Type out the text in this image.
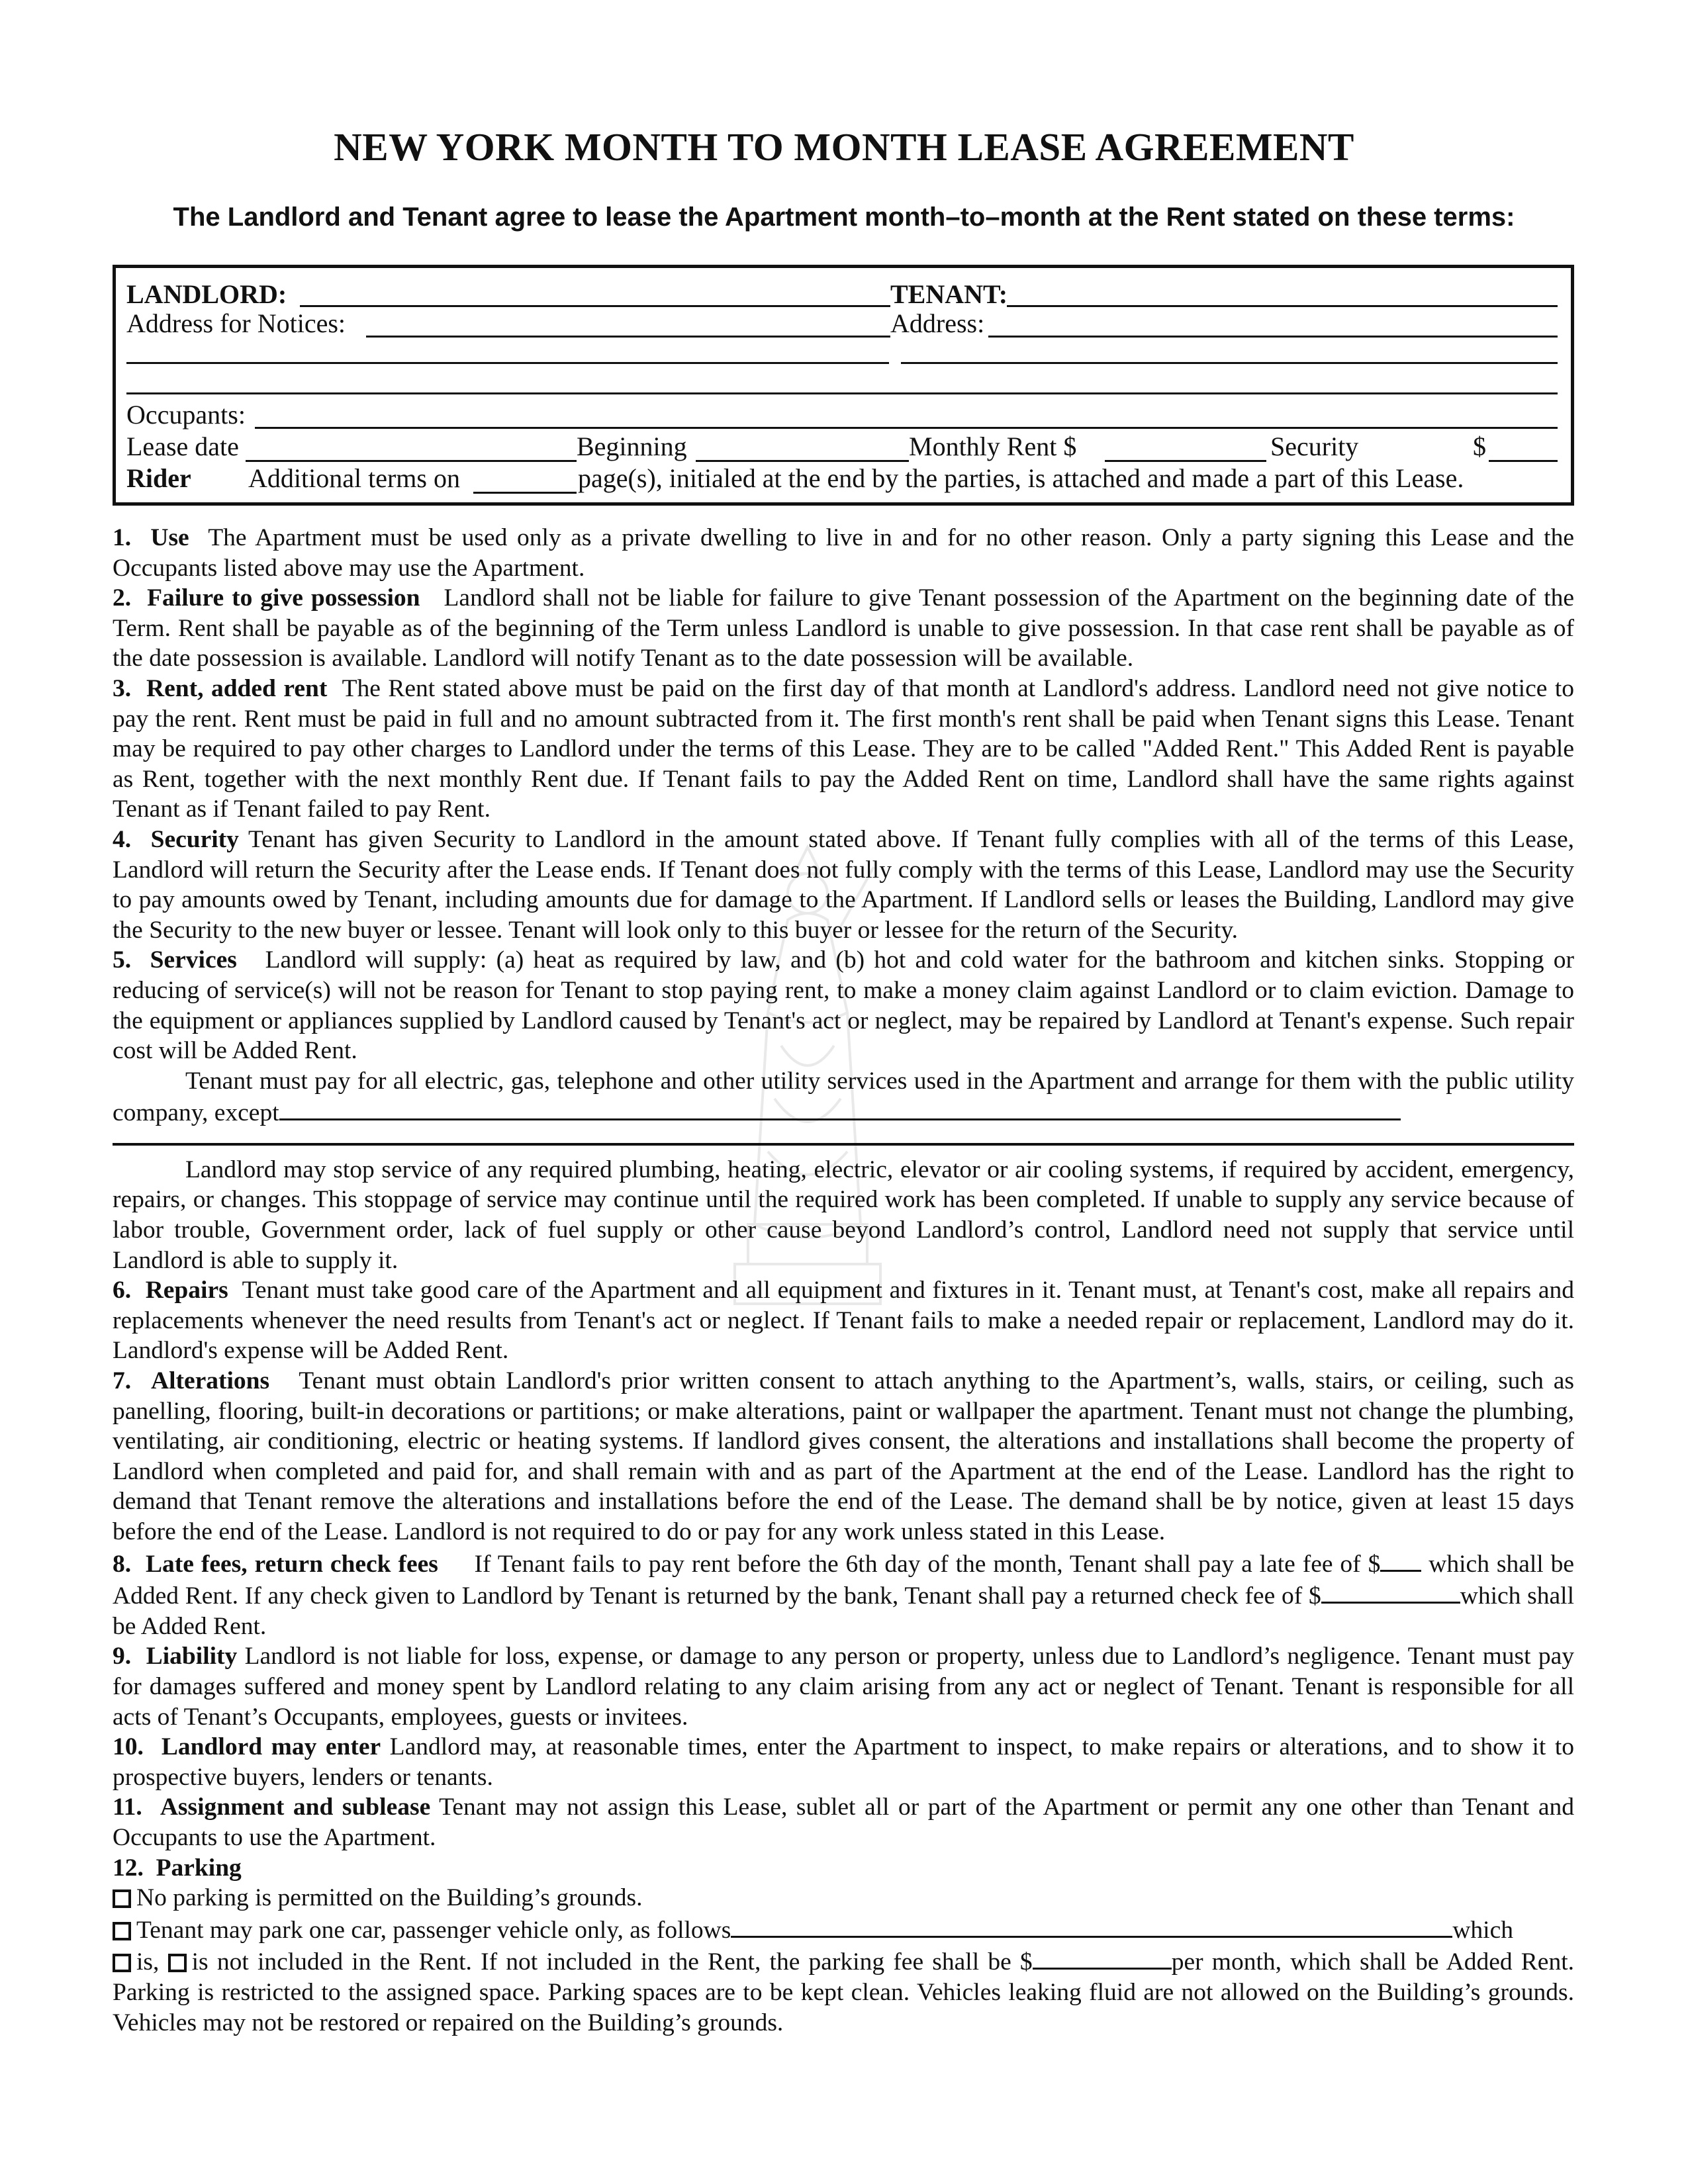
NEW YORK MONTH TO MONTH LEASE AGREEMENT
The Landlord and Tenant agree to lease the Apartment month–to–month at the Rent stated on these terms:
LANDLORD:	TENANT:
Address for Notices:	Address:
Occupants:
Lease date	Beginning	Monthly Rent $	Security	$
Rider Additional terms on	page(s), initialed at the end by the parties, is attached and made a part of this Lease.

1. Use The Apartment must be used only as a private dwelling to live in and for no other reason. Only a party signing this Lease and the Occupants listed above may use the Apartment.

2. Failure to give possession Landlord shall not be liable for failure to give Tenant possession of the Apartment on the beginning date of the Term. Rent shall be payable as of the beginning of the Term unless Landlord is unable to give possession. In that case rent shall be payable as of the date possession is available. Landlord will notify Tenant as to the date possession will be available.

3. Rent, added rent The Rent stated above must be paid on the first day of that month at Landlord's address. Landlord need not give notice to pay the rent. Rent must be paid in full and no amount subtracted from it. The first month's rent shall be paid when Tenant signs this Lease. Tenant may be required to pay other charges to Landlord under the terms of this Lease. They are to be called "Added Rent." This Added Rent is payable as Rent, together with the next monthly Rent due. If Tenant fails to pay the Added Rent on time, Landlord shall have the same rights against Tenant as if Tenant failed to pay Rent.

4. Security Tenant has given Security to Landlord in the amount stated above. If Tenant fully complies with all of the terms of this Lease, Landlord will return the Security after the Lease ends. If Tenant does not fully comply with the terms of this Lease, Landlord may use the Security to pay amounts owed by Tenant, including amounts due for damage to the Apartment. If Landlord sells or leases the Building, Landlord may give the Security to the new buyer or lessee. Tenant will look only to this buyer or lessee for the return of the Security.

5. Services Landlord will supply: (a) heat as required by law, and (b) hot and cold water for the bathroom and kitchen sinks. Stopping or reducing of service(s) will not be reason for Tenant to stop paying rent, to make a money claim against Landlord or to claim eviction. Damage to the equipment or appliances supplied by Landlord caused by Tenant's act or neglect, may be repaired by Landlord at Tenant's expense. Such repair cost will be Added Rent.

Tenant must pay for all electric, gas, telephone and other utility services used in the Apartment and arrange for them with the public utility company, except

Landlord may stop service of any required plumbing, heating, electric, elevator or air cooling systems, if required by accident, emergency, repairs, or changes. This stoppage of service may continue until the required work has been completed. If unable to supply any service because of labor trouble, Government order, lack of fuel supply or other cause beyond Landlord’s control, Landlord need not supply that service until Landlord is able to supply it.

6. Repairs Tenant must take good care of the Apartment and all equipment and fixtures in it. Tenant must, at Tenant's cost, make all repairs and replacements whenever the need results from Tenant's act or neglect. If Tenant fails to make a needed repair or replacement, Landlord may do it. Landlord's expense will be Added Rent.

7. Alterations Tenant must obtain Landlord's prior written consent to attach anything to the Apartment’s, walls, stairs, or ceiling, such as panelling, flooring, built-in decorations or partitions; or make alterations, paint or wallpaper the apartment. Tenant must not change the plumbing, ventilating, air conditioning, electric or heating systems. If landlord gives consent, the alterations and installations shall become the property of Landlord when completed and paid for, and shall remain with and as part of the Apartment at the end of the Lease. Landlord has the right to demand that Tenant remove the alterations and installations before the end of the Lease. The demand shall be by notice, given at least 15 days before the end of the Lease. Landlord is not required to do or pay for any work unless stated in this Lease.

8. Late fees, return check fees If Tenant fails to pay rent before the 6th day of the month, Tenant shall pay a late fee of $ which shall be Added Rent. If any check given to Landlord by Tenant is returned by the bank, Tenant shall pay a returned check fee of $	which shall be Added Rent.

9. Liability Landlord is not liable for loss, expense, or damage to any person or property, unless due to Landlord’s negligence. Tenant must pay for damages suffered and money spent by Landlord relating to any claim arising from any act or neglect of Tenant. Tenant is responsible for all acts of Tenant’s Occupants, employees, guests or invitees.

10. Landlord may enter Landlord may, at reasonable times, enter the Apartment to inspect, to make repairs or alterations, and to show it to prospective buyers, lenders or tenants.

11. Assignment and sublease Tenant may not assign this Lease, sublet all or part of the Apartment or permit any one other than Tenant and Occupants to use the Apartment.

12. Parking

No parking is permitted on the Building’s grounds.

Tenant may park one car, passenger vehicle only, as follows	which

is, is not included in the Rent. If not included in the Rent, the parking fee shall be $	per month, which shall be Added Rent. Parking is restricted to the assigned space. Parking spaces are to be kept clean. Vehicles leaking fluid are not allowed on the Building’s grounds. Vehicles may not be restored or repaired on the Building’s grounds.
